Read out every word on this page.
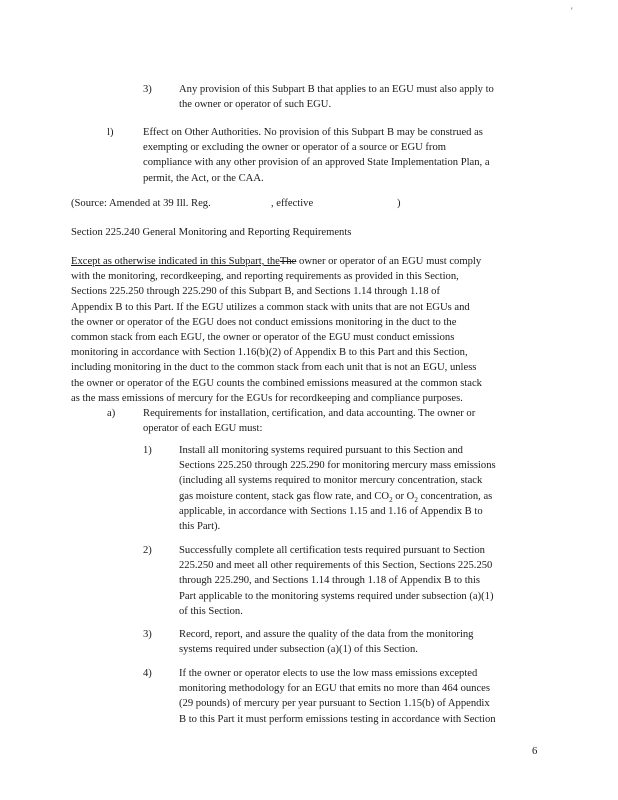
'
3)	Any provision of this Subpart B that applies to an EGU must also apply to
the owner or operator of such EGU.
l)	Effect on Other Authorities. No provision of this Subpart B may be construed as
exempting or excluding the owner or operator of a source or EGU from
compliance with any other provision of an approved State Implementation Plan, a
permit, the Act, or the CAA.
(Source: Amended at 39 Ill. Reg.	, effective	)
Section 225.240 General Monitoring and Reporting Requirements
Except as otherwise indicated in this Subpart, theThe owner or operator of an EGU must comply
with the monitoring, recordkeeping, and reporting requirements as provided in this Section,
Sections 225.250 through 225.290 of this Subpart B, and Sections 1.14 through 1.18 of
Appendix B to this Part. If the EGU utilizes a common stack with units that are not EGUs and
the owner or operator of the EGU does not conduct emissions monitoring in the duct to the
common stack from each EGU, the owner or operator of the EGU must conduct emissions
monitoring in accordance with Section 1.16(b)(2) of Appendix B to this Part and this Section,
including monitoring in the duct to the common stack from each unit that is not an EGU, unless
the owner or operator of the EGU counts the combined emissions measured at the common stack
as the mass emissions of mercury for the EGUs for recordkeeping and compliance purposes.
a)	Requirements for installation, certification, and data accounting. The owner or
operator of each EGU must:
1)	Install all monitoring systems required pursuant to this Section and
Sections 225.250 through 225.290 for monitoring mercury mass emissions
(including all systems required to monitor mercury concentration, stack
gas moisture content, stack gas flow rate, and $CO_2$ or $O_2$ concentration, as
applicable, in accordance with Sections 1.15 and 1.16 of Appendix B to
this Part).
2)	Successfully complete all certification tests required pursuant to Section
225.250 and meet all other requirements of this Section, Sections 225.250
through 225.290, and Sections 1.14 through 1.18 of Appendix B to this
Part applicable to the monitoring systems required under subsection (a)(1)
of this Section.
3)	Record, report, and assure the quality of the data from the monitoring
systems required under subsection (a)(1) of this Section.
4)	If the owner or operator elects to use the low mass emissions excepted
monitoring methodology for an EGU that emits no more than 464 ounces
(29 pounds) of mercury per year pursuant to Section 1.15(b) of Appendix
B to this Part it must perform emissions testing in accordance with Section
6
